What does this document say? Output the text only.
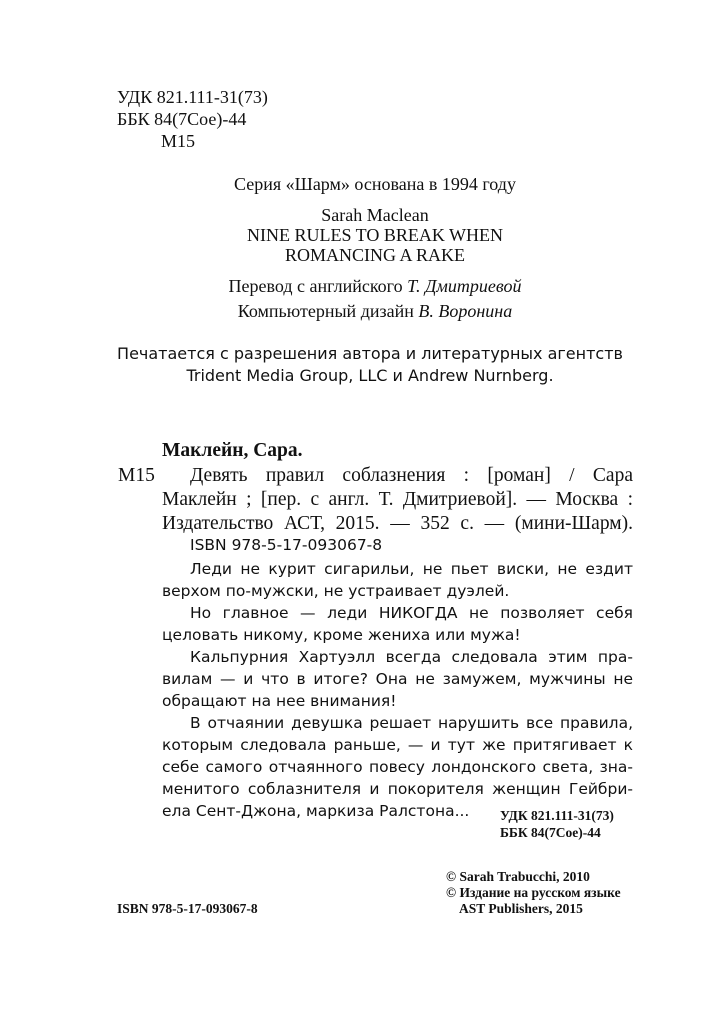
УДК 821.111-31(73)
ББК 84(7Сое)-44
М15
Серия «Шарм» основана в 1994 году
Sarah Maclean
NINE RULES TO BREAK WHEN
ROMANCING A RAKE
Перевод с английского Т. Дмитриевой
Компьютерный дизайн В. Воронина
Печатается с разрешения автора и литературных агентств
Trident Media Group, LLC и Andrew Nurnberg.
Маклейн, Сара.
М15 Девять правил соблазнения : [роман] / Сара
Маклейн ; [пер. с англ. Т. Дмитриевой]. — Москва :
Издательство АСТ, 2015. — 352 с. — (мини-Шарм).
ISBN 978-5-17-093067-8
Леди не курит сигарильи, не пьет виски, не ездит
верхом по-мужски, не устраивает дуэлей.
Но главное — леди НИКОГДА не позволяет себя
целовать никому, кроме жениха или мужа!
Кальпурния Хартуэлл всегда следовала этим пра-
вилам — и что в итоге? Она не замужем, мужчины не
обращают на нее внимания!
В отчаянии девушка решает нарушить все правила,
которым следовала раньше, — и тут же притягивает к
себе самого отчаянного повесу лондонского света, зна-
менитого соблазнителя и покорителя женщин Гейбри-
ела Сент-Джона, маркиза Ралстона... УДК 821.111-31(73)
ББК 84(7Сое)-44
© Sarah Trabucchi, 2010
© Издание на русском языке
AST Publishers, 2015
ISBN 978-5-17-093067-8
